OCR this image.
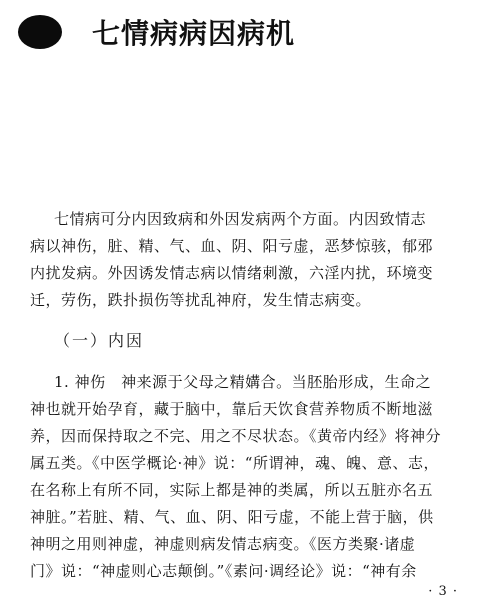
七情病病因病机
七情病可分内因致病和外因发病两个方面。内因致情志
病以神伤，脏、精、气、血、阴、阳亏虚，恶梦惊骇，郁邪
内扰发病。外因诱发情志病以情绪刺激，六淫内扰，环境变
迁，劳伤，跌扑损伤等扰乱神府，发生情志病变。
（一）内因
1. 神伤　神来源于父母之精媾合。当胚胎形成，生命之
神也就开始孕育，藏于脑中，靠后天饮食营养物质不断地滋
养，因而保持取之不完、用之不尽状态。《黄帝内经》将神分
属五类。《中医学概论·神》说：“所谓神，魂、魄、意、志，
在名称上有所不同，实际上都是神的类属，所以五脏亦名五
神脏。”若脏、精、气、血、阴、阳亏虚，不能上营于脑，供
神明之用则神虚，神虚则病发情志病变。《医方类聚·诸虚
门》说：“神虚则心志颠倒。”《素问·调经论》说：“神有余
· 3 ·
